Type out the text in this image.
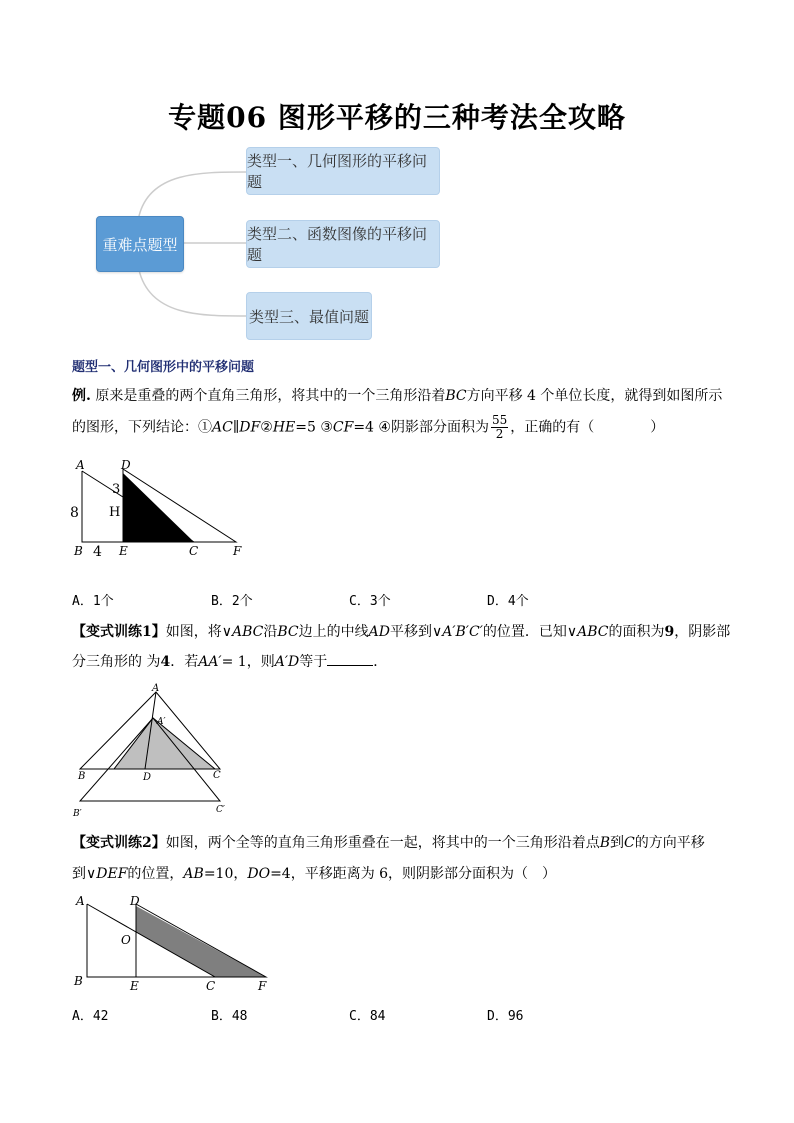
专题06 图形平移的三种考法全攻略
重难点题型
类型一、几何图形的平移问题
类型二、函数图像的平移问题
类型三、最值问题
题型一、几何图形中的平移问题
例. 原来是重叠的两个直角三角形，将其中的一个三角形沿着BC方向平移 4 个单位长度，就得到如图所示
的图形，下列结论：①AC∥DF②HE=5 ③CF=4 ④阴影部分面积为 $\frac{55}{2}$ ，正确的有（　　　　）
A	D
3
8 H
B 4 E	C	F
A．1个	B．2个	C．3个	D．4个
【变式训练1】如图，将∨ABC沿BC边上的中线AD平移到∨A′B′C′的位置．已知∨ABC的面积为9，阴影部
分三角形的 为4．若AA′= 1，则A′D等于	．
A
A′
B	D	C
B′	C′
【变式训练2】如图，两个全等的直角三角形重叠在一起，将其中的一个三角形沿着点B到C的方向平移
到∨DEF的位置，AB=10，DO=4，平移距离为 6，则阴影部分面积为（　）
A	D
O
B	E	C	F
A．42	B．48	C．84	D．96
